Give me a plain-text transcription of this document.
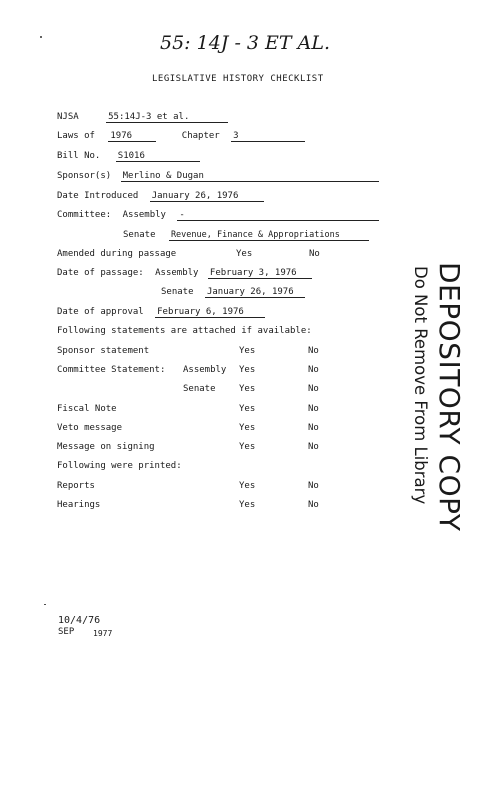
55: 14J - 3 ET AL.
LEGISLATIVE HISTORY CHECKLIST
NJSA	55:14J-3 et al.
Laws of 1976	Chapter 3
Bill No. S1016
Sponsor(s) Merlino & Dugan
Date Introduced January 26, 1976
Committee: Assembly -
Senate Revenue, Finance & Appropriations
Amended during passage	Yes	No
Date of passage: Assembly February 3, 1976
Senate January 26, 1976
Date of approval February 6, 1976
Following statements are attached if available:
Sponsor statement	Yes	No
Committee Statement: Assembly Yes	No
Senate	Yes	No
Fiscal Note	Yes	No
Veto message	Yes	No
Message on signing	Yes	No
Following were printed:
Reports	Yes	No
Hearings	Yes	No	DEPOSITORY COPY
Do Not Remove From Library
10/4/76
SEP 1977
